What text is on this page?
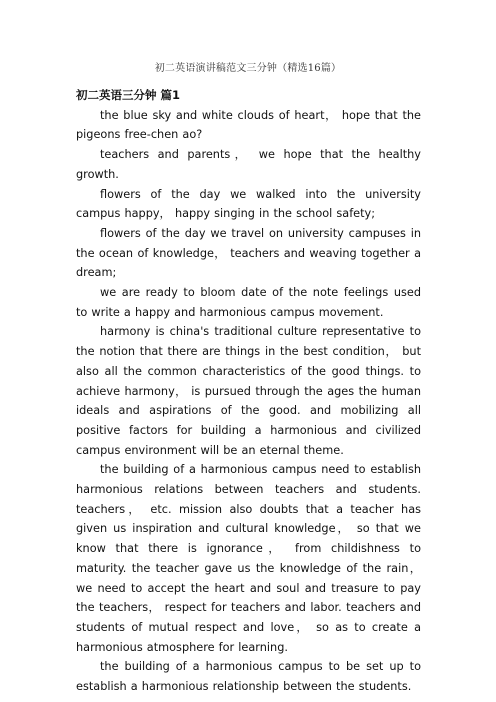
初二英语演讲稿范文三分钟（精选16篇）

初二英语三分钟 篇1

the blue sky and white clouds of heart， hope that the pigeons free-chen ao?

teachers and parents， we hope that the healthy growth.

flowers of the day we walked into the university campus happy， happy singing in the school safety;

flowers of the day we travel on university campuses in the ocean of knowledge， teachers and weaving together a dream;

we are ready to bloom date of the note feelings used to write a happy and harmonious campus movement.

harmony is china's traditional culture representative to the notion that there are things in the best condition， but also all the common characteristics of the good things. to achieve harmony， is pursued through the ages the human ideals and aspirations of the good. and mobilizing all positive factors for building a harmonious and civilized campus environment will be an eternal theme.

the building of a harmonious campus need to establish harmonious relations between teachers and students. teachers， etc. mission also doubts that a teacher has given us inspiration and cultural knowledge， so that we know that there is ignorance， from childishness to maturity. the teacher gave us the knowledge of the rain， we need to accept the heart and soul and treasure to pay the teachers， respect for teachers and labor. teachers and students of mutual respect and love， so as to create a harmonious atmosphere for learning.

the building of a harmonious campus to be set up to establish a harmonious relationship between the students.
